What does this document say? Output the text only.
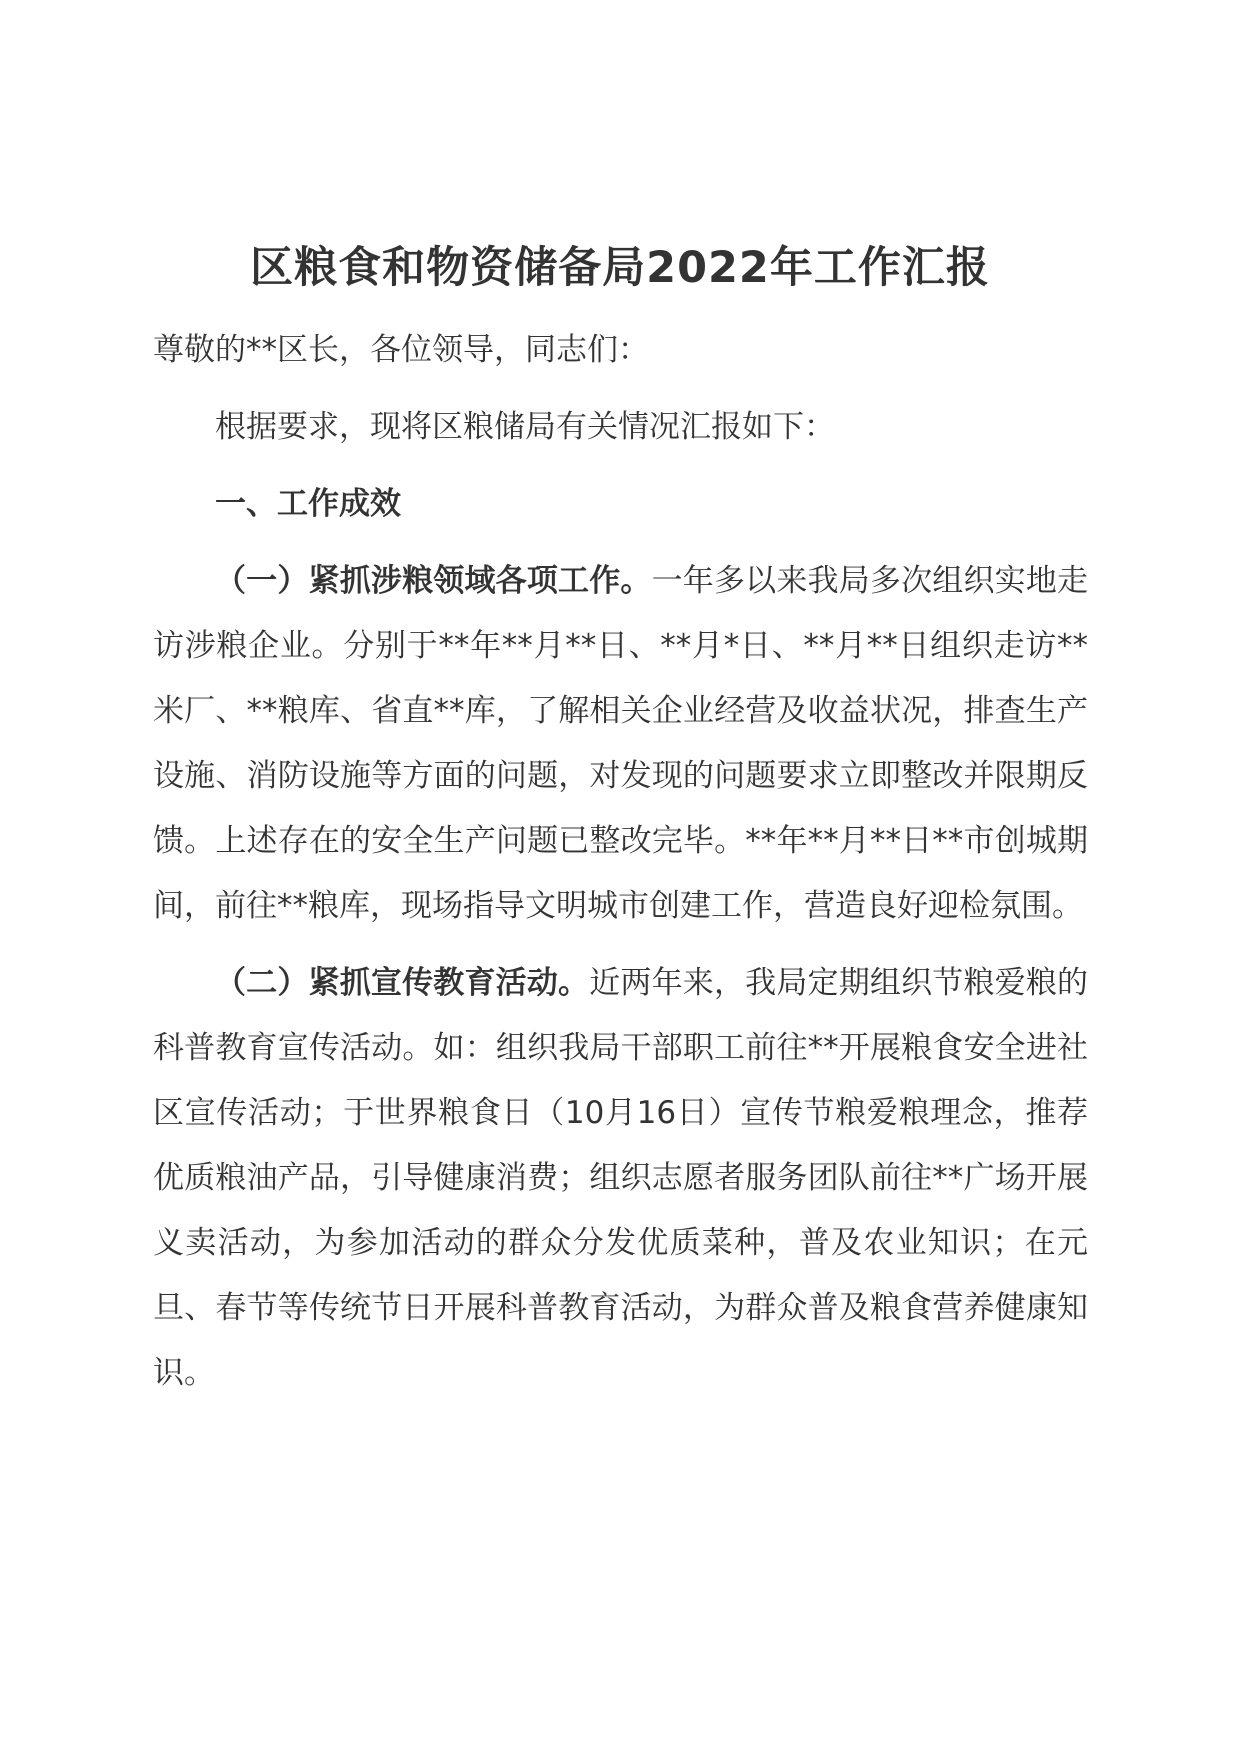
区粮食和物资储备局2022年工作汇报

尊敬的**区长，各位领导，同志们：

根据要求，现将区粮储局有关情况汇报如下：

一、工作成效

（一）紧抓涉粮领域各项工作。一年多以来我局多次组织实地走访涉粮企业。分别于**年**月**日、**月*日、**月**日组织走访**米厂、**粮库、省直**库，了解相关企业经营及收益状况，排查生产设施、消防设施等方面的问题，对发现的问题要求立即整改并限期反馈。上述存在的安全生产问题已整改完毕。**年**月**日**市创城期间，前往**粮库，现场指导文明城市创建工作，营造良好迎检氛围。

（二）紧抓宣传教育活动。近两年来，我局定期组织节粮爱粮的科普教育宣传活动。如：组织我局干部职工前往**开展粮食安全进社区宣传活动；于世界粮食日（10月16日）宣传节粮爱粮理念，推荐优质粮油产品，引导健康消费；组织志愿者服务团队前往**广场开展义卖活动，为参加活动的群众分发优质菜种，普及农业知识；在元旦、春节等传统节日开展科普教育活动，为群众普及粮食营养健康知识。
